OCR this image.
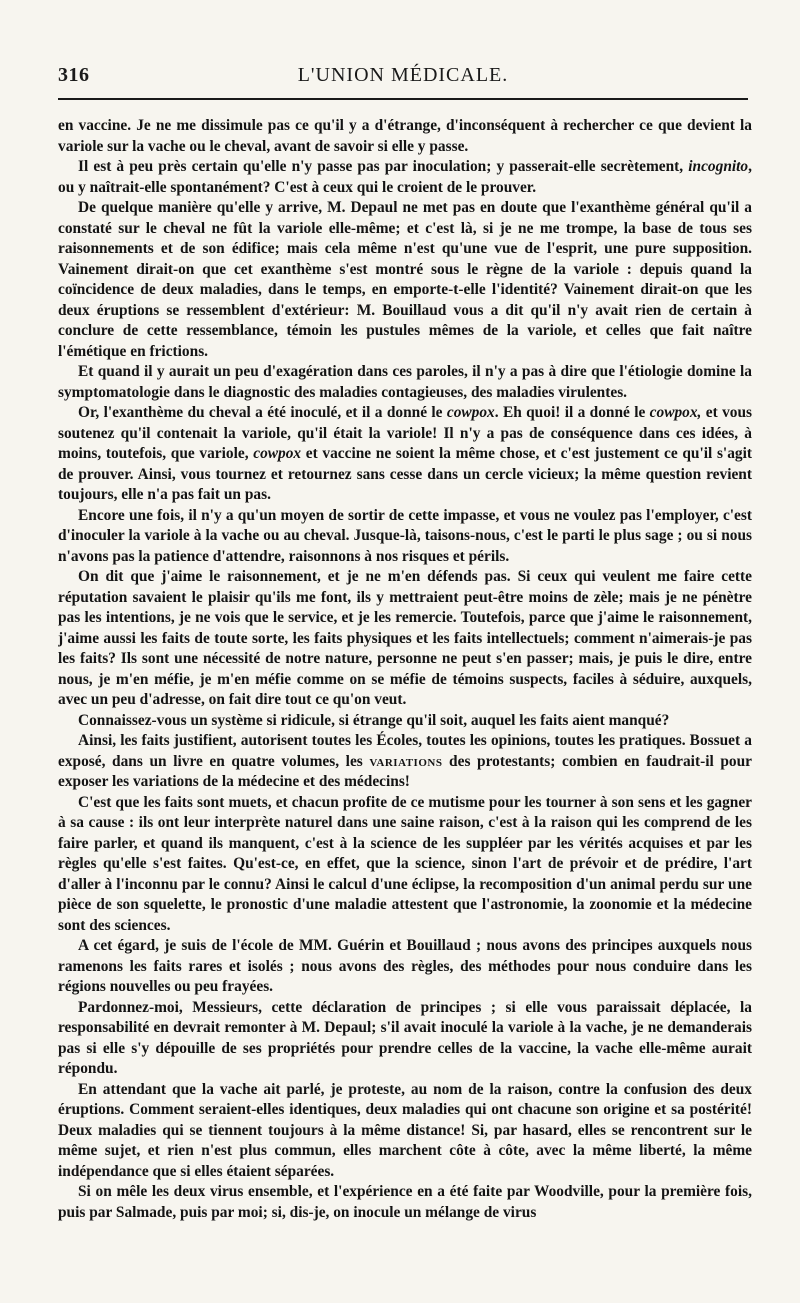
316	L'UNION MÉDICALE.

en vaccine. Je ne me dissimule pas ce qu'il y a d'étrange, d'inconséquent à rechercher ce que devient la variole sur la vache ou le cheval, avant de savoir si elle y passe.

Il est à peu près certain qu'elle n'y passe pas par inoculation; y passerait-elle secrètement, incognito, ou y naîtrait-elle spontanément? C'est à ceux qui le croient de le prouver.

De quelque manière qu'elle y arrive, M. Depaul ne met pas en doute que l'exanthème général qu'il a constaté sur le cheval ne fût la variole elle-même; et c'est là, si je ne me trompe, la base de tous ses raisonnements et de son édifice; mais cela même n'est qu'une vue de l'esprit, une pure supposition. Vainement dirait-on que cet exanthème s'est montré sous le règne de la variole : depuis quand la coïncidence de deux maladies, dans le temps, en emporte-t-elle l'identité? Vainement dirait-on que les deux éruptions se ressemblent d'extérieur: M. Bouillaud vous a dit qu'il n'y avait rien de certain à conclure de cette ressemblance, témoin les pustules mêmes de la variole, et celles que fait naître l'émétique en frictions.

Et quand il y aurait un peu d'exagération dans ces paroles, il n'y a pas à dire que l'étiologie domine la symptomatologie dans le diagnostic des maladies contagieuses, des maladies virulentes.

Or, l'exanthème du cheval a été inoculé, et il a donné le cowpox. Eh quoi! il a donné le cowpox, et vous soutenez qu'il contenait la variole, qu'il était la variole! Il n'y a pas de conséquence dans ces idées, à moins, toutefois, que variole, cowpox et vaccine ne soient la même chose, et c'est justement ce qu'il s'agit de prouver. Ainsi, vous tournez et retournez sans cesse dans un cercle vicieux; la même question revient toujours, elle n'a pas fait un pas.

Encore une fois, il n'y a qu'un moyen de sortir de cette impasse, et vous ne voulez pas l'employer, c'est d'inoculer la variole à la vache ou au cheval. Jusque-là, taisons-nous, c'est le parti le plus sage ; ou si nous n'avons pas la patience d'attendre, raisonnons à nos risques et périls.

On dit que j'aime le raisonnement, et je ne m'en défends pas. Si ceux qui veulent me faire cette réputation savaient le plaisir qu'ils me font, ils y mettraient peut-être moins de zèle; mais je ne pénètre pas les intentions, je ne vois que le service, et je les remercie. Toutefois, parce que j'aime le raisonnement, j'aime aussi les faits de toute sorte, les faits physiques et les faits intellectuels; comment n'aimerais-je pas les faits? Ils sont une nécessité de notre nature, personne ne peut s'en passer; mais, je puis le dire, entre nous, je m'en méfie, je m'en méfie comme on se méfie de témoins suspects, faciles à séduire, auxquels, avec un peu d'adresse, on fait dire tout ce qu'on veut.

Connaissez-vous un système si ridicule, si étrange qu'il soit, auquel les faits aient manqué?

Ainsi, les faits justifient, autorisent toutes les Écoles, toutes les opinions, toutes les pratiques. Bossuet a exposé, dans un livre en quatre volumes, les variations des protestants; combien en faudrait-il pour exposer les variations de la médecine et des médecins!

C'est que les faits sont muets, et chacun profite de ce mutisme pour les tourner à son sens et les gagner à sa cause : ils ont leur interprète naturel dans une saine raison, c'est à la raison qui les comprend de les faire parler, et quand ils manquent, c'est à la science de les suppléer par les vérités acquises et par les règles qu'elle s'est faites. Qu'est-ce, en effet, que la science, sinon l'art de prévoir et de prédire, l'art d'aller à l'inconnu par le connu? Ainsi le calcul d'une éclipse, la recomposition d'un animal perdu sur une pièce de son squelette, le pronostic d'une maladie attestent que l'astronomie, la zoonomie et la médecine sont des sciences.

A cet égard, je suis de l'école de MM. Guérin et Bouillaud ; nous avons des principes auxquels nous ramenons les faits rares et isolés ; nous avons des règles, des méthodes pour nous conduire dans les régions nouvelles ou peu frayées.

Pardonnez-moi, Messieurs, cette déclaration de principes ; si elle vous paraissait déplacée, la responsabilité en devrait remonter à M. Depaul; s'il avait inoculé la variole à la vache, je ne demanderais pas si elle s'y dépouille de ses propriétés pour prendre celles de la vaccine, la vache elle-même aurait répondu.

En attendant que la vache ait parlé, je proteste, au nom de la raison, contre la confusion des deux éruptions. Comment seraient-elles identiques, deux maladies qui ont chacune son origine et sa postérité! Deux maladies qui se tiennent toujours à la même distance! Si, par hasard, elles se rencontrent sur le même sujet, et rien n'est plus commun, elles marchent côte à côte, avec la même liberté, la même indépendance que si elles étaient séparées.

Si on mêle les deux virus ensemble, et l'expérience en a été faite par Woodville, pour la première fois, puis par Salmade, puis par moi; si, dis-je, on inocule un mélange de virus
